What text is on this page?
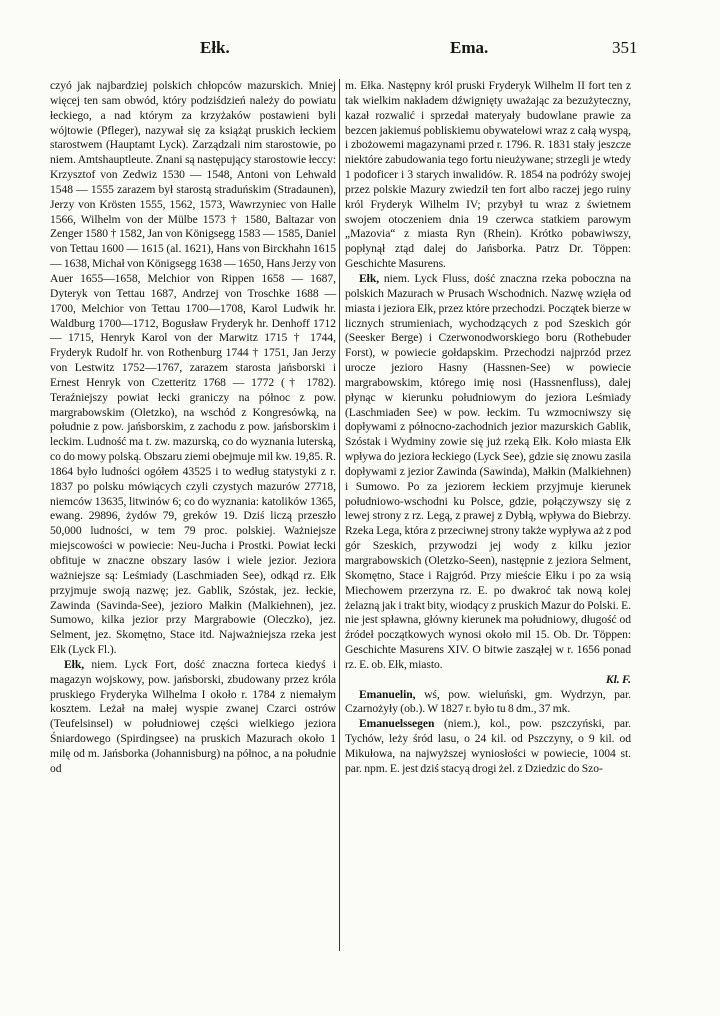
Ełk.	Ema.	351

czyó jak najbardziej polskich chłopców mazurskich. Mniej więcej ten sam obwód, który podziśdzień należy do powiatu łeckiego, a nad którym za krzyżaków postawieni byli wójtowie (Pfleger), nazywał się za książąt pruskich łeckiem starostwem (Hauptamt Lyck). Zarządzali nim starostowie, po niem. Amtshauptleute. Znani są następujący starostowie łeccy: Krzysztof von Zedwiz 1530 — 1548, Antoni von Lehwald 1548 — 1555 zarazem był starostą straduńskim (Stradaunen), Jerzy von Krösten 1555, 1562, 1573, Wawrzyniec von Halle 1566, Wilhelm von der Mülbe 1573 † 1580, Baltazar von Zenger 1580 † 1582, Jan von Königsegg 1583 — 1585, Daniel von Tettau 1600 — 1615 (al. 1621), Hans von Birckhahn 1615 — 1638, Michał von Königsegg 1638 — 1650, Hans Jerzy von Auer 1655—1658, Melchior von Rippen 1658 — 1687, Dyteryk von Tettau 1687, Andrzej von Troschke 1688 — 1700, Melchior von Tettau 1700—1708, Karol Ludwik hr. Waldburg 1700—1712, Bogusław Fryderyk hr. Denhoff 1712 — 1715, Henryk Karol von der Marwitz 1715 † 1744, Fryderyk Rudolf hr. von Rothenburg 1744 † 1751, Jan Jerzy von Lestwitz 1752—1767, zarazem starosta jańsborski i Ernest Henryk von Czetteritz 1768 — 1772 († 1782). Teraźniejszy powiat łecki graniczy na północ z pow. margrabowskim (Oletzko), na wschód z Kongresówką, na południe z pow. jańsborskim, z zachodu z pow. jańsborskim i leckim. Ludność ma t. zw. mazurską, co do wyznania luterską, co do mowy polską. Obszaru ziemi obejmuje mil kw. 19,85. R. 1864 było ludności ogółem 43525 i to według statystyki z r. 1837 po polsku mówiących czyli czystych mazurów 27718, niemców 13635, litwinów 6; co do wyznania: katolików 1365, ewang. 29896, żydów 79, greków 19. Dziś liczą przeszło 50,000 ludności, w tem 79 proc. polskiej. Ważniejsze miejscowości w powiecie: Neu-Jucha i Prostki. Powiat łecki obfituje w znaczne obszary lasów i wiele jezior. Jeziora ważniejsze są: Leśmiady (Laschmiaden See), odkąd rz. Ełk przyjmuje swoją nazwę; jez. Gablik, Szóstak, jez. łeckie, Zawinda (Savinda-See), jezioro Małkin (Malkiehnen), jez. Sumowo, kilka jezior przy Margrabowie (Oleczko), jez. Selment, jez. Skomętno, Stace itd. Najważniejsza rzeka jest Ełk (Lyck Fl.).

Ełk, niem. Lyck Fort, dość znaczna forteca kiedyś i magazyn wojskowy, pow. jańsborski, zbudowany przez króla pruskiego Fryderyka Wilhelma I około r. 1784 z niemałym kosztem. Leżał na małej wyspie zwanej Czarci ostrów (Teufelsinsel) w południowej części wielkiego jeziora Śniardowego (Spirdingsee) na pruskich Mazurach około 1 milę od m. Jańsborka (Johannisburg) na północ, a na południe od

m. Ełka. Następny król pruski Fryderyk Wilhelm II fort ten z tak wielkim nakładem dźwignięty uważając za bezużyteczny, kazał rozwalić i sprzedał materyały budowlane prawie za bezcen jakiemuś pobliskiemu obywatelowi wraz z całą wyspą, i zbożowemi magazynami przed r. 1796. R. 1831 stały jeszcze niektóre zabudowania tego fortu nieużywane; strzegli je wtedy 1 podoficer i 3 starych inwalidów. R. 1854 na podróży swojej przez polskie Mazury zwiedził ten fort albo raczej jego ruiny król Fryderyk Wilhelm IV; przybył tu wraz z świetnem swojem otoczeniem dnia 19 czerwca statkiem parowym „Mazovia“ z miasta Ryn (Rhein). Krótko pobawiwszy, popłynął ztąd dalej do Jańsborka. Patrz Dr. Töppen: Geschichte Masurens.

Ełk, niem. Lyck Fluss, dość znaczna rzeka poboczna na polskich Mazurach w Prusach Wschodnich. Nazwę wzięła od miasta i jeziora Ełk, przez które przechodzi. Początek bierze w licznych strumieniach, wychodzących z pod Szeskich gór (Seesker Berge) i Czerwonodworskiego boru (Rothebuder Forst), w powiecie gołdapskim. Przechodzi najprzód przez urocze jezioro Hasny (Hassnen-See) w powiecie margrabowskim, którego imię nosi (Hassnenfluss), dalej płynąc w kierunku południowym do jeziora Leśmiady (Laschmiaden See) w pow. łeckim. Tu wzmocniwszy się dopływami z północno-zachodnich jezior mazurskich Gablik, Szóstak i Wydminy zowie się już rzeką Ełk. Koło miasta Ełk wpływa do jeziora łeckiego (Lyck See), gdzie się znowu zasila dopływami z jezior Zawinda (Sawinda), Małkin (Malkiehnen) i Sumowo. Po za jeziorem łeckiem przyjmuje kierunek południowo-wschodni ku Polsce, gdzie, połączywszy się z lewej strony z rz. Legą, z prawej z Dybłą, wpływa do Biebrzy. Rzeka Lega, która z przeciwnej strony także wypływa aż z pod gór Szeskich, przywodzi jej wody z kilku jezior margrabowskich (Oletzko-Seen), następnie z jeziora Selment, Skomętno, Stace i Rajgród. Przy mieście Ełku i po za wsią Miechowem przerzyna rz. E. po dwakroć tak nową kolej żelazną jak i trakt bity, wiodący z pruskich Mazur do Polski. E. nie jest spławna, główny kierunek ma południowy, długość od źródeł początkowych wynosi około mil 15. Ob. Dr. Töppen: Geschichte Masurens XIV. O bitwie zasząłej w r. 1656 ponad rz. E. ob. Ełk, miasto.

Kl. F.

Emanuelin, wś, pow. wieluński, gm. Wydrzyn, par. Czarnożyły (ob.). W 1827 r. było tu 8 dm., 37 mk.

Emanuelssegen (niem.), kol., pow. pszczyński, par. Tychów, leży śród lasu, o 24 kil. od Pszczyny, o 9 kil. od Mikułowa, na najwyższej wyniosłości w powiecie, 1004 st. par. npm. E. jest dziś stacyą drogi żel. z Dziedzic do Szo-
